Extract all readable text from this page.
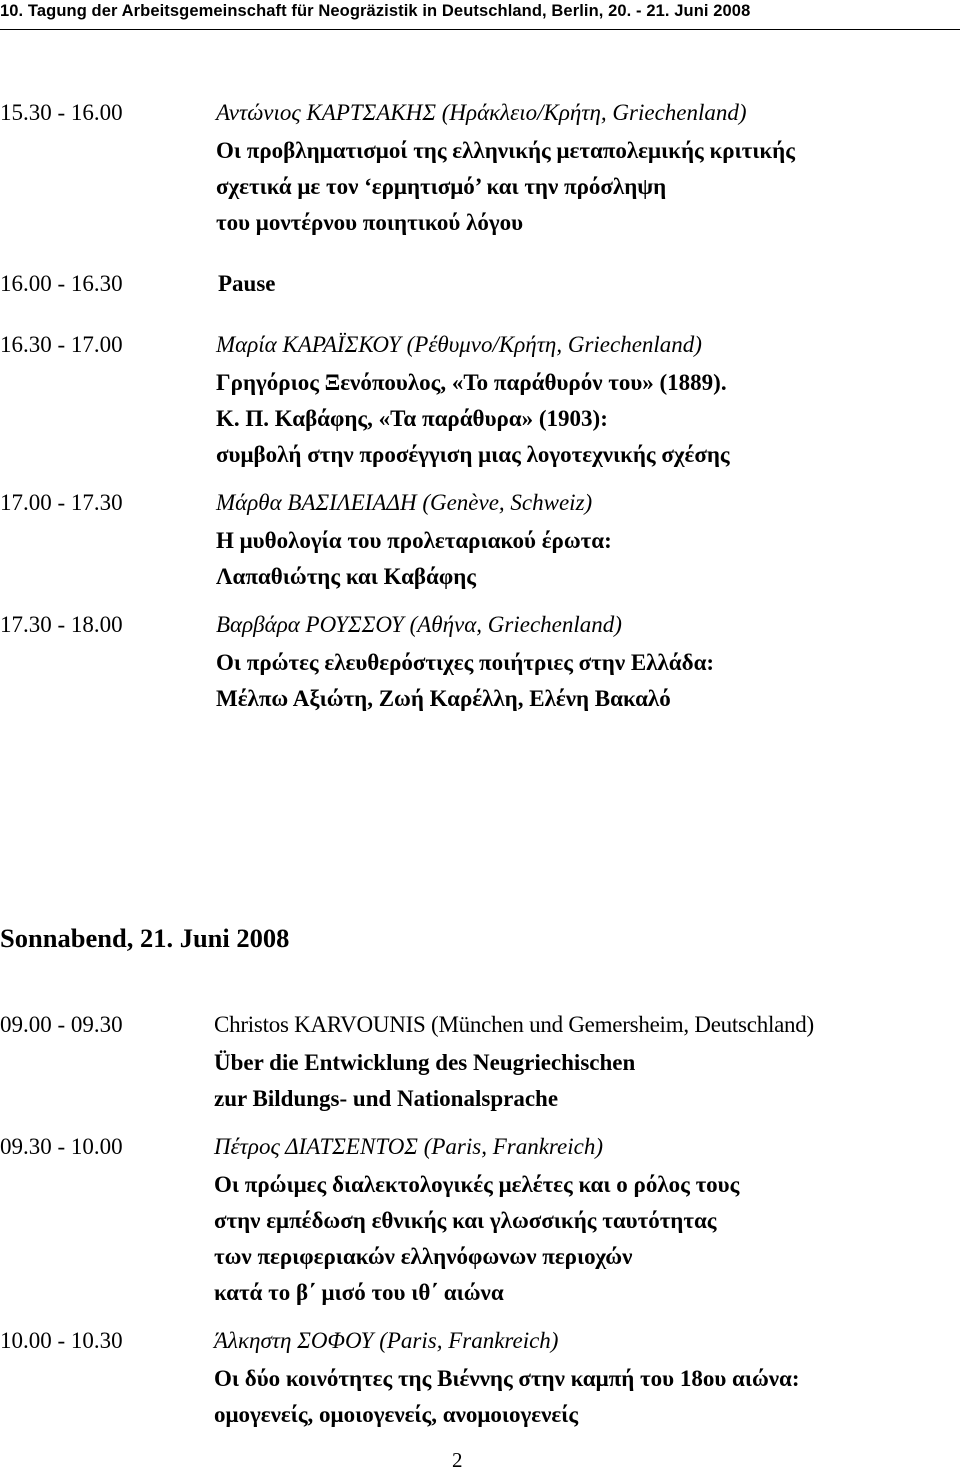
10. Tagung der Arbeitsgemeinschaft für Neogräzistik in Deutschland, Berlin, 20. - 21. Juni 2008
15.30 - 16.00	Αντώνιος ΚΑΡΤΣΑΚΗΣ (Ηράκλειο/Κρήτη, Griechenland)
Οι προβληματισμοί της ελληνικής μεταπολεμικής κριτικής
σχετικά με τον ‘ερμητισμό’ και την πρόσληψη
του μοντέρνου ποιητικού λόγου
16.00 - 16.30	Pause
16.30 - 17.00	Μαρία ΚΑΡΑΪΣΚΟΥ (Ρέθυμνο/Κρήτη, Griechenland)
Γρηγόριος Ξενόπουλος, «Το παράθυρόν του» (1889).
Κ. Π. Καβάφης, «Τα παράθυρα» (1903):
συμβολή στην προσέγγιση μιας λογοτεχνικής σχέσης
17.00 - 17.30	Μάρθα ΒΑΣΙΛΕΙΑΔΗ (Genève, Schweiz)
Η μυθολογία του προλεταριακού έρωτα:
Λαπαθιώτης και Καβάφης
17.30 - 18.00	Βαρβάρα ΡΟΥΣΣΟΥ (Αθήνα, Griechenland)
Οι πρώτες ελευθερόστιχες ποιήτριες στην Ελλάδα:
Μέλπω Αξιώτη, Ζωή Καρέλλη, Ελένη Βακαλό
Sonnabend, 21. Juni 2008
09.00 - 09.30	Christos KARVOUNIS (München und Gemersheim, Deutschland)
Über die Entwicklung des Neugriechischen
zur Bildungs- und Nationalsprache
09.30 - 10.00	Πέτρος ΔΙΑΤΣΕΝΤΟΣ (Paris, Frankreich)
Οι πρώιμες διαλεκτολογικές μελέτες και ο ρόλος τους
στην εμπέδωση εθνικής και γλωσσικής ταυτότητας
των περιφεριακών ελληνόφωνων περιοχών
κατά το β΄ μισό του ιθ΄ αιώνα
10.00 - 10.30	Άλκηστη ΣΟΦΟΥ (Paris, Frankreich)
Οι δύο κοινότητες της Βιέννης στην καμπή του 18ου αιώνα:
ομογενείς, ομοιογενείς, ανομοιογενείς
2
